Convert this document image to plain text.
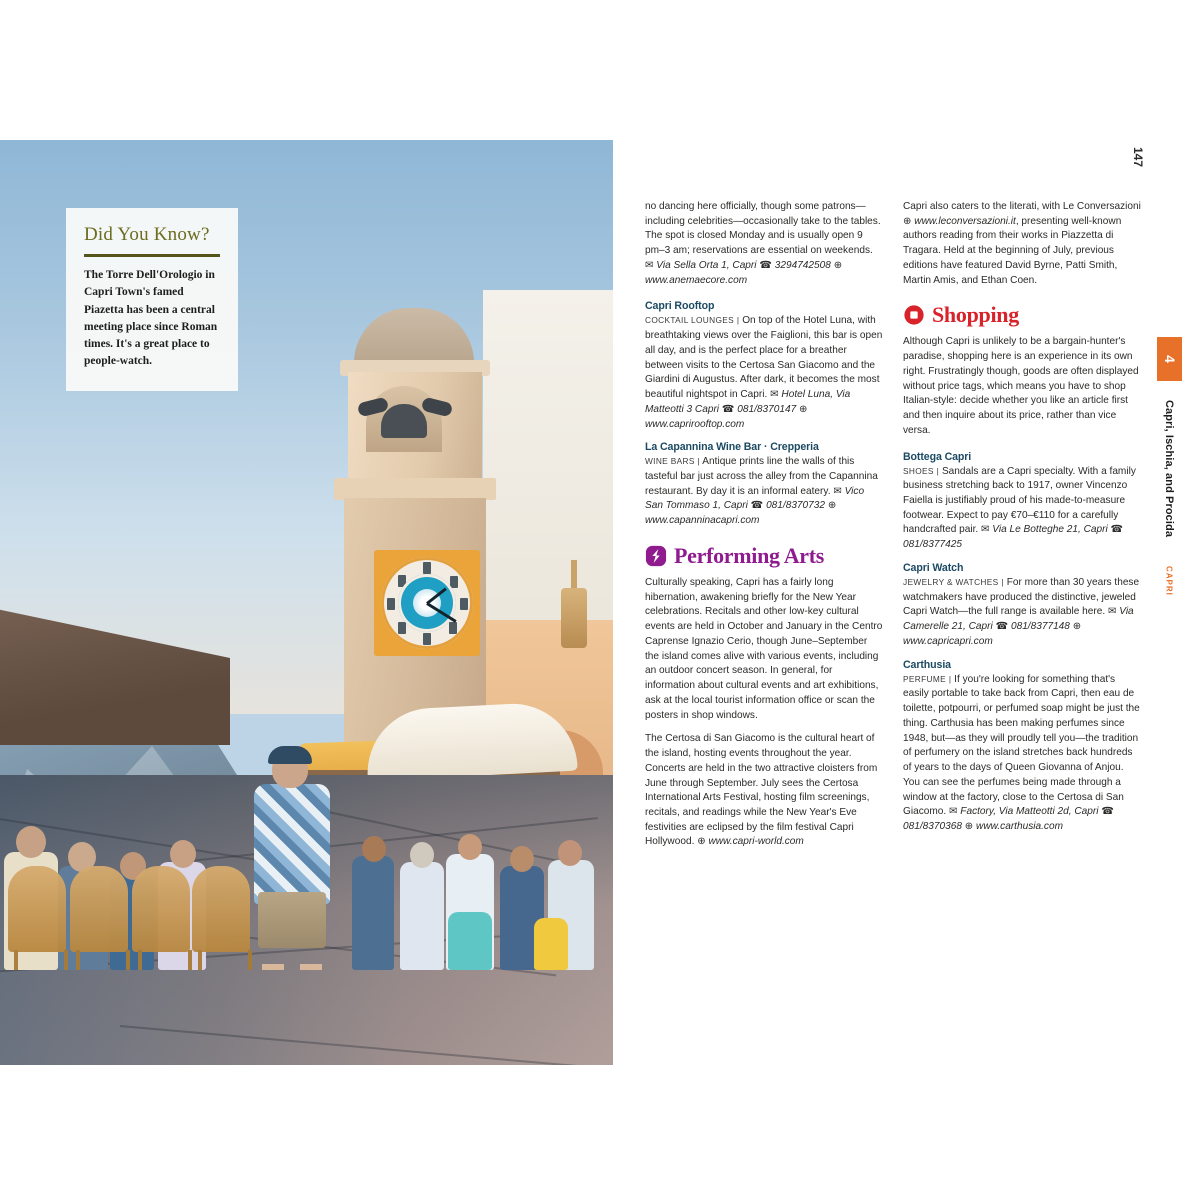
Did You Know?

The Torre Dell'Orologio in Capri Town's famed Piazetta has been a central meeting place since Roman times. It's a great place to people-watch.

no dancing here officially, though some patrons—including celebrities—occasionally take to the tables. The spot is closed Monday and is usually open 9 pm–3 am; reservations are essential on weekends. ✉ Via Sella Orta 1, Capri ☎ 3294742508 ⊕ www.anemaecore.com

Capri Rooftop

COCKTAIL LOUNGES | On top of the Hotel Luna, with breathtaking views over the Faiglioni, this bar is open all day, and is the perfect place for a breather between visits to the Certosa San Giacomo and the Giardini di Augustus. After dark, it becomes the most beautiful nightspot in Capri. ✉ Hotel Luna, Via Matteotti 3 Capri ☎ 081/8370147 ⊕ www.caprirooftop.com

La Capannina Wine Bar · Crepperia

WINE BARS | Antique prints line the walls of this tasteful bar just across the alley from the Capannina restaurant. By day it is an informal eatery. ✉ Vico San Tommaso 1, Capri ☎ 081/8370732 ⊕ www.capanninacapri.com

Performing Arts

Culturally speaking, Capri has a fairly long hibernation, awakening briefly for the New Year celebrations. Recitals and other low-key cultural events are held in October and January in the Centro Caprense Ignazio Cerio, though June–September the island comes alive with various events, including an outdoor concert season. In general, for information about cultural events and art exhibitions, ask at the local tourist information office or scan the posters in shop windows.

The Certosa di San Giacomo is the cultural heart of the island, hosting events throughout the year. Concerts are held in the two attractive cloisters from June through September. July sees the Certosa International Arts Festival, hosting film screenings, recitals, and readings while the New Year's Eve festivities are eclipsed by the film festival Capri Hollywood. ⊕ www.capri-world.com

Capri also caters to the literati, with Le Conversazioni ⊕ www.leconversazioni.it, presenting well-known authors reading from their works in Piazzetta di Tragara. Held at the beginning of July, previous editions have featured David Byrne, Patti Smith, Martin Amis, and Ethan Coen.

Shopping

Although Capri is unlikely to be a bargain-hunter's paradise, shopping here is an experience in its own right. Frustratingly though, goods are often displayed without price tags, which means you have to shop Italian-style: decide whether you like an article first and then inquire about its price, rather than vice versa.

Bottega Capri

SHOES | Sandals are a Capri specialty. With a family business stretching back to 1917, owner Vincenzo Faiella is justifiably proud of his made-to-measure footwear. Expect to pay €70–€110 for a carefully handcrafted pair. ✉ Via Le Botteghe 21, Capri ☎ 081/8377425

Capri Watch

JEWELRY & WATCHES | For more than 30 years these watchmakers have produced the distinctive, jeweled Capri Watch—the full range is available here. ✉ Via Camerelle 21, Capri ☎ 081/8377148 ⊕ www.capricapri.com

Carthusia

PERFUME | If you're looking for something that's easily portable to take back from Capri, then eau de toilette, potpourri, or perfumed soap might be just the thing. Carthusia has been making perfumes since 1948, but—as they will proudly tell you—the tradition of perfumery on the island stretches back hundreds of years to the days of Queen Giovanna of Anjou. You can see the perfumes being made through a window at the factory, close to the Certosa di San Giacomo. ✉ Factory, Via Matteotti 2d, Capri ☎ 081/8370368 ⊕ www.carthusia.com

147
4
Capri, Ischia, and Procida
CAPRI
